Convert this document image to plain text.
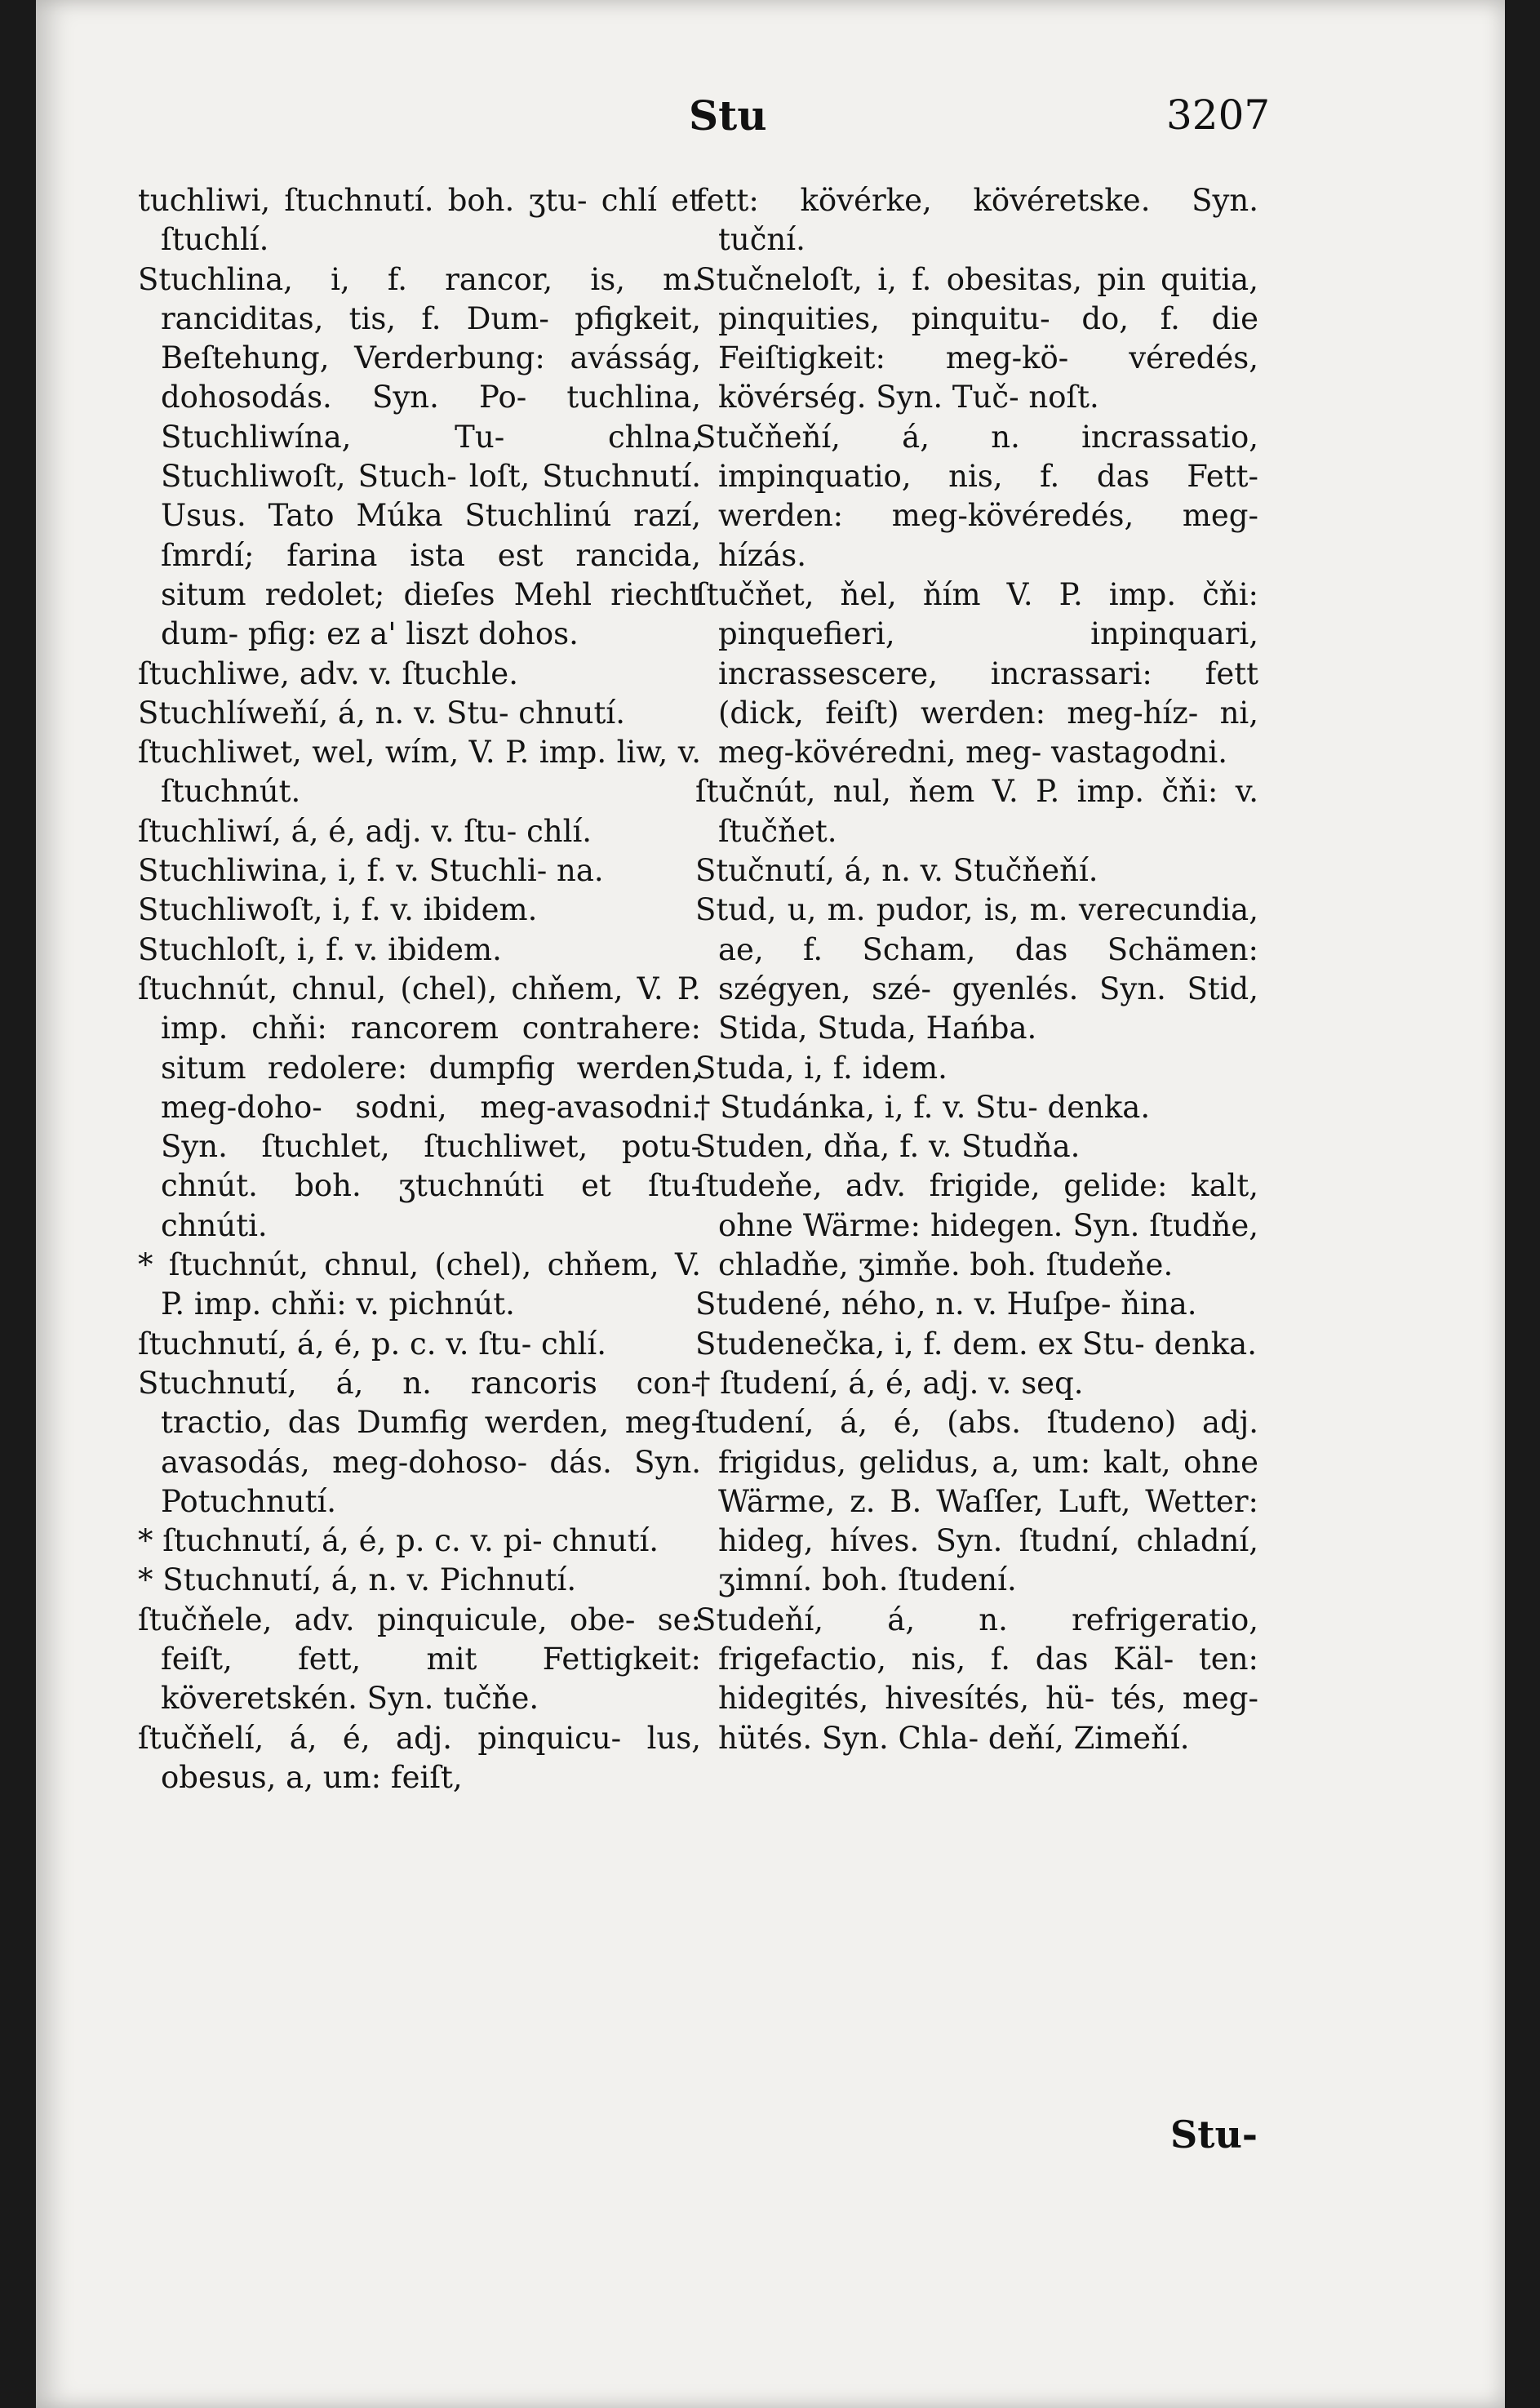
Stu	3207

tuchliwi, ſtuchnutí. boh. ʒtu- chlí et ſtuchlí.

Stuchlina, i, f. rancor, is, m. ranciditas, tis, f. Dum- pfigkeit, Beſtehung, Verderbung: avásság, dohosodás. Syn. Po- tuchlina, Stuchliwína, Tu- chlna, Stuchliwoſt, Stuch- loſt, Stuchnutí. Usus. Tato Múka Stuchlinú razí, ſmrdí; farina ista est rancida, situm redolet; dieſes Mehl riecht dum- pfig: ez a' liszt dohos.

ſtuchliwe, adv. v. ſtuchle.

Stuchlíweňí, á, n. v. Stu- chnutí.

ſtuchliwet, wel, wím, V. P. imp. liw, v. ſtuchnút.

ſtuchliwí, á, é, adj. v. ſtu- chlí.

Stuchliwina, i, f. v. Stuchli- na.

Stuchliwoſt, i, f. v. ibidem.

Stuchloſt, i, f. v. ibidem.

ſtuchnút, chnul, (chel), chňem, V. P. imp. chňi: rancorem contrahere: situm redolere: dumpfig werden, meg-doho- sodni, meg-avasodni. Syn. ſtuchlet, ſtuchliwet, potu- chnút. boh. ʒtuchnúti et ſtu- chnúti.

* ſtuchnút, chnul, (chel), chňem, V. P. imp. chňi: v. pichnút.

ſtuchnutí, á, é, p. c. v. ſtu- chlí.

Stuchnutí, á, n. rancoris con- tractio, das Dumfig werden, meg-avasodás, meg-dohoso- dás. Syn. Potuchnutí.

* ſtuchnutí, á, é, p. c. v. pi- chnutí.

* Stuchnutí, á, n. v. Pichnutí.

ſtučňele, adv. pinquicule, obe- se: feiſt, fett, mit Fettigkeit: köveretskén. Syn. tučňe.

ſtučňelí, á, é, adj. pinquicu- lus, obesus, a, um: feiſt,

fett: kövérke, kövéretske. Syn. tuční.

Stučneloſt, i, f. obesitas, pin quitia, pinquities, pinquitu- do, f. die Feiſtigkeit: meg-kö- véredés, kövérség. Syn. Tuč- noſt.

Stučňeňí, á, n. incrassatio, impinquatio, nis, f. das Fett- werden: meg-kövéredés, meg- hízás.

ſtučňet, ňel, ňím V. P. imp. čňi: pinquefieri, inpinquari, incrassescere, incrassari: fett (dick, feiſt) werden: meg-híz- ni, meg-kövéredni, meg- vastagodni.

ſtučnút, nul, ňem V. P. imp. čňi: v. ſtučňet.

Stučnutí, á, n. v. Stučňeňí.

Stud, u, m. pudor, is, m. verecundia, ae, f. Scham, das Schämen: szégyen, szé- gyenlés. Syn. Stid, Stida, Studa, Hańba.

Studa, i, f. idem.

† Studánka, i, f. v. Stu- denka.

Studen, dňa, f. v. Studňa.

ſtudeňe, adv. frigide, gelide: kalt, ohne Wärme: hidegen. Syn. ſtudňe, chladňe, ʒimňe. boh. ſtudeňe.

Studené, ného, n. v. Huſpe- ňina.

Studenečka, i, f. dem. ex Stu- denka.

† ſtudení, á, é, adj. v. seq.

ſtudení, á, é, (abs. ſtudeno) adj. frigidus, gelidus, a, um: kalt, ohne Wärme, z. B. Waſſer, Luft, Wetter: hideg, híves. Syn. ſtudní, chladní, ʒimní. boh. ſtudení.

Studeňí, á, n. refrigeratio, frigefactio, nis, f. das Käl- ten: hidegités, hivesítés, hü- tés, meg-hütés. Syn. Chla- deňí, Zimeňí.

Stu-
